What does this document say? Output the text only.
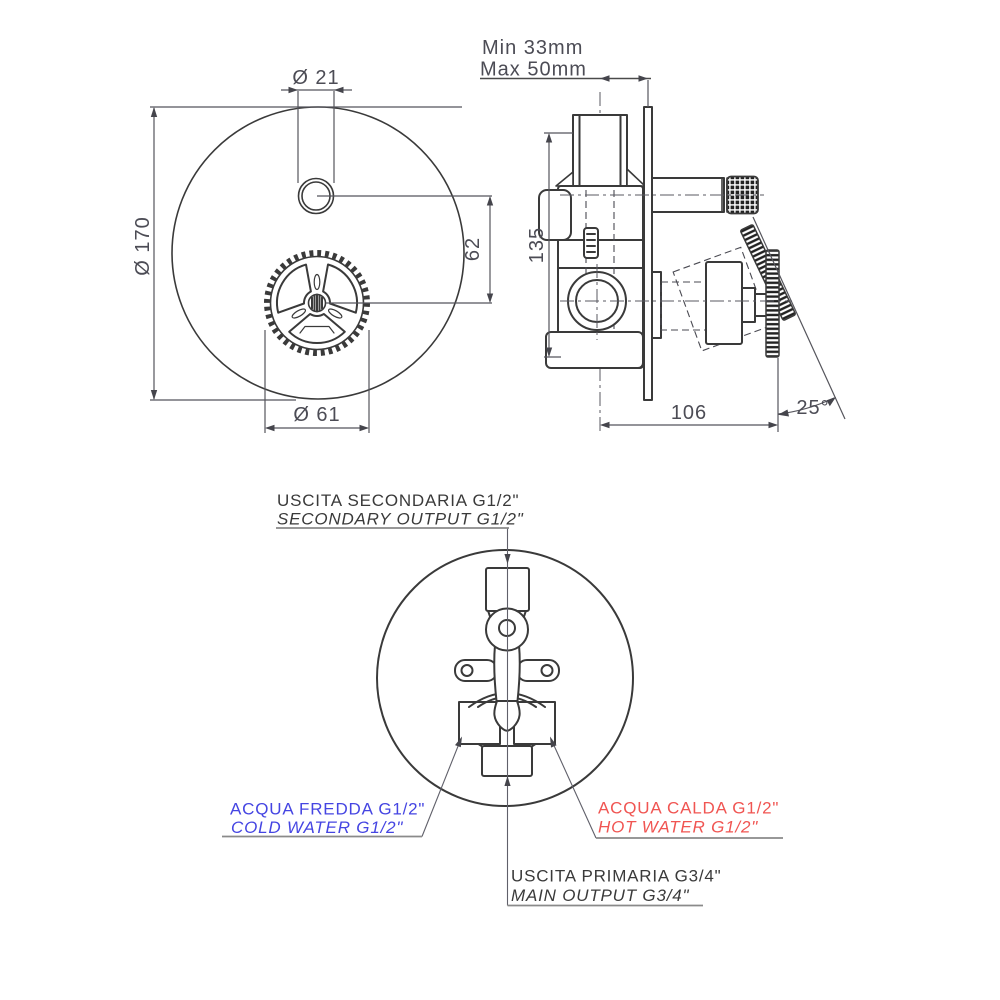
Ø 170
Ø 21
62
Ø 61
Min 33mm
Max 50mm
135
106	25°
USCITA SECONDARIA G1/2"
SECONDARY OUTPUT G1/2"
ACQUA FREDDA G1/2"
COLD WATER G1/2"
ACQUA CALDA G1/2"
HOT WATER G1/2"
USCITA PRIMARIA G3/4"
MAIN OUTPUT G3/4"
